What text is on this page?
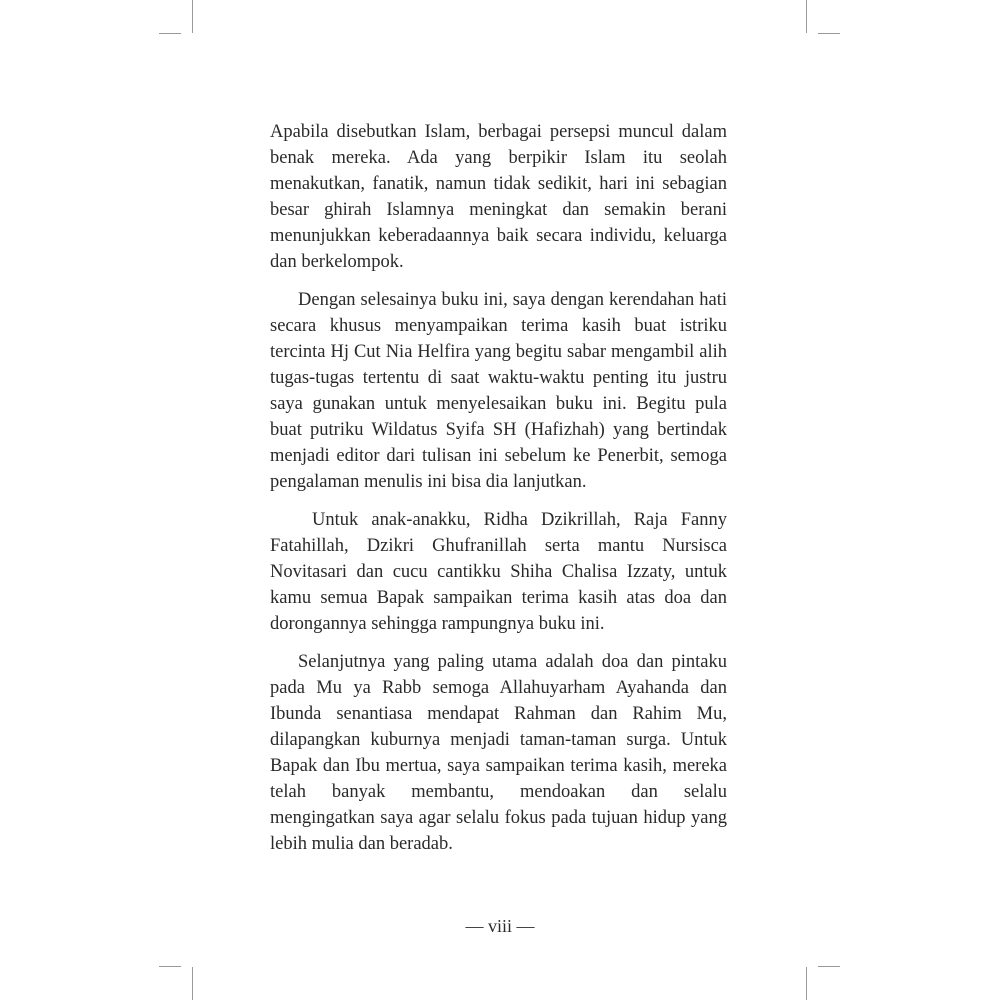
Apabila disebutkan Islam, berbagai persepsi muncul dalam benak mereka. Ada yang berpikir Islam itu seolah menakutkan, fanatik, namun tidak sedikit, hari ini sebagian besar ghirah Islamnya meningkat dan semakin berani menunjukkan keberadaannya baik secara individu, keluarga dan berkelompok.

Dengan selesainya buku ini, saya dengan kerendahan hati secara khusus menyampaikan terima kasih buat istriku tercinta Hj Cut Nia Helfira yang begitu sabar mengambil alih tugas-tugas tertentu di saat waktu-waktu penting itu justru saya gunakan untuk menyelesaikan buku ini. Begitu pula buat putriku Wildatus Syifa SH (Hafizhah) yang bertindak menjadi editor dari tulisan ini sebelum ke Penerbit, semoga pengalaman menulis ini bisa dia lanjutkan.

Untuk anak-anakku, Ridha Dzikrillah, Raja Fanny Fatahillah, Dzikri Ghufranillah serta mantu Nursisca Novitasari dan cucu cantikku Shiha Chalisa Izzaty, untuk kamu semua Bapak sampaikan terima kasih atas doa dan dorongannya sehingga rampungnya buku ini.

Selanjutnya yang paling utama adalah doa dan pintaku pada Mu ya Rabb semoga Allahuyarham Ayahanda dan Ibunda senantiasa mendapat Rahman dan Rahim Mu, dilapangkan kuburnya menjadi taman-taman surga. Untuk Bapak dan Ibu mertua, saya sampaikan terima kasih, mereka telah banyak membantu, mendoakan dan selalu mengingatkan saya agar selalu fokus pada tujuan hidup yang lebih mulia dan beradab.

— viii —
